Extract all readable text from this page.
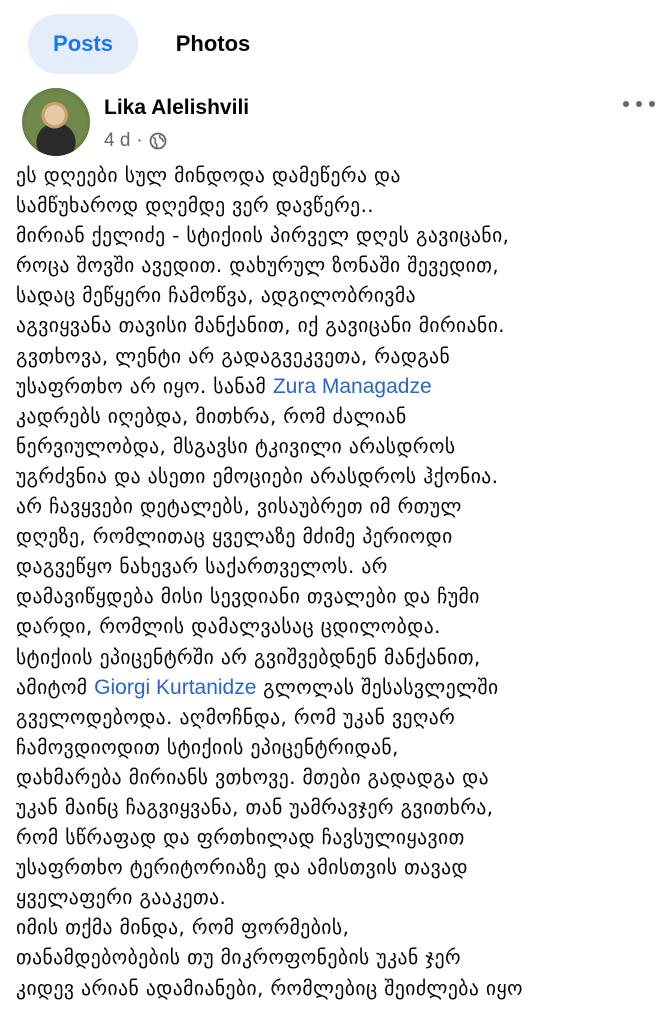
Posts	Photos
Lika Alelishvili
4 d ·
ეს დღეები სულ მინდოდა დამეწერა და
სამწუხაროდ დღემდე ვერ დავწერე..
მირიან ქელიძე - სტიქიის პირველ დღეს გავიცანი,
როცა შოვში ავედით. დახურულ ზონაში შევედით,
სადაც მეწყერი ჩამოწვა, ადგილობრივმა
აგვიყვანა თავისი მანქანით, იქ გავიცანი მირიანი.
გვთხოვა, ლენტი არ გადაგვეკვეთა, რადგან
უსაფრთხო არ იყო. სანამ Zura Managadze
კადრებს იღებდა, მითხრა, რომ ძალიან
ნერვიულობდა, მსგავსი ტკივილი არასდროს
უგრძვნია და ასეთი ემოციები არასდროს ჰქონია.
არ ჩავყვები დეტალებს, ვისაუბრეთ იმ რთულ
დღეზე, რომლითაც ყველაზე მძიმე პერიოდი
დაგვეწყო ნახევარ საქართველოს. არ
დამავიწყდება მისი სევდიანი თვალები და ჩუმი
დარდი, რომლის დამალვასაც ცდილობდა.
სტიქიის ეპიცენტრში არ გვიშვებდნენ მანქანით,
ამიტომ Giorgi Kurtanidze გლოლას შესასვლელში
გველოდებოდა. აღმოჩნდა, რომ უკან ვეღარ
ჩამოვდიოდით სტიქიის ეპიცენტრიდან,
დახმარება მირიანს ვთხოვე. მთები გადადგა და
უკან მაინც ჩაგვიყვანა, თან უამრავჯერ გვითხრა,
რომ სწრაფად და ფრთხილად ჩავსულიყავით
უსაფრთხო ტერიტორიაზე და ამისთვის თავად
ყველაფერი გააკეთა.
იმის თქმა მინდა, რომ ფორმების,
თანამდებობების თუ მიკროფონების უკან ჯერ
კიდევ არიან ადამიანები, რომლებიც შეიძლება იყო
